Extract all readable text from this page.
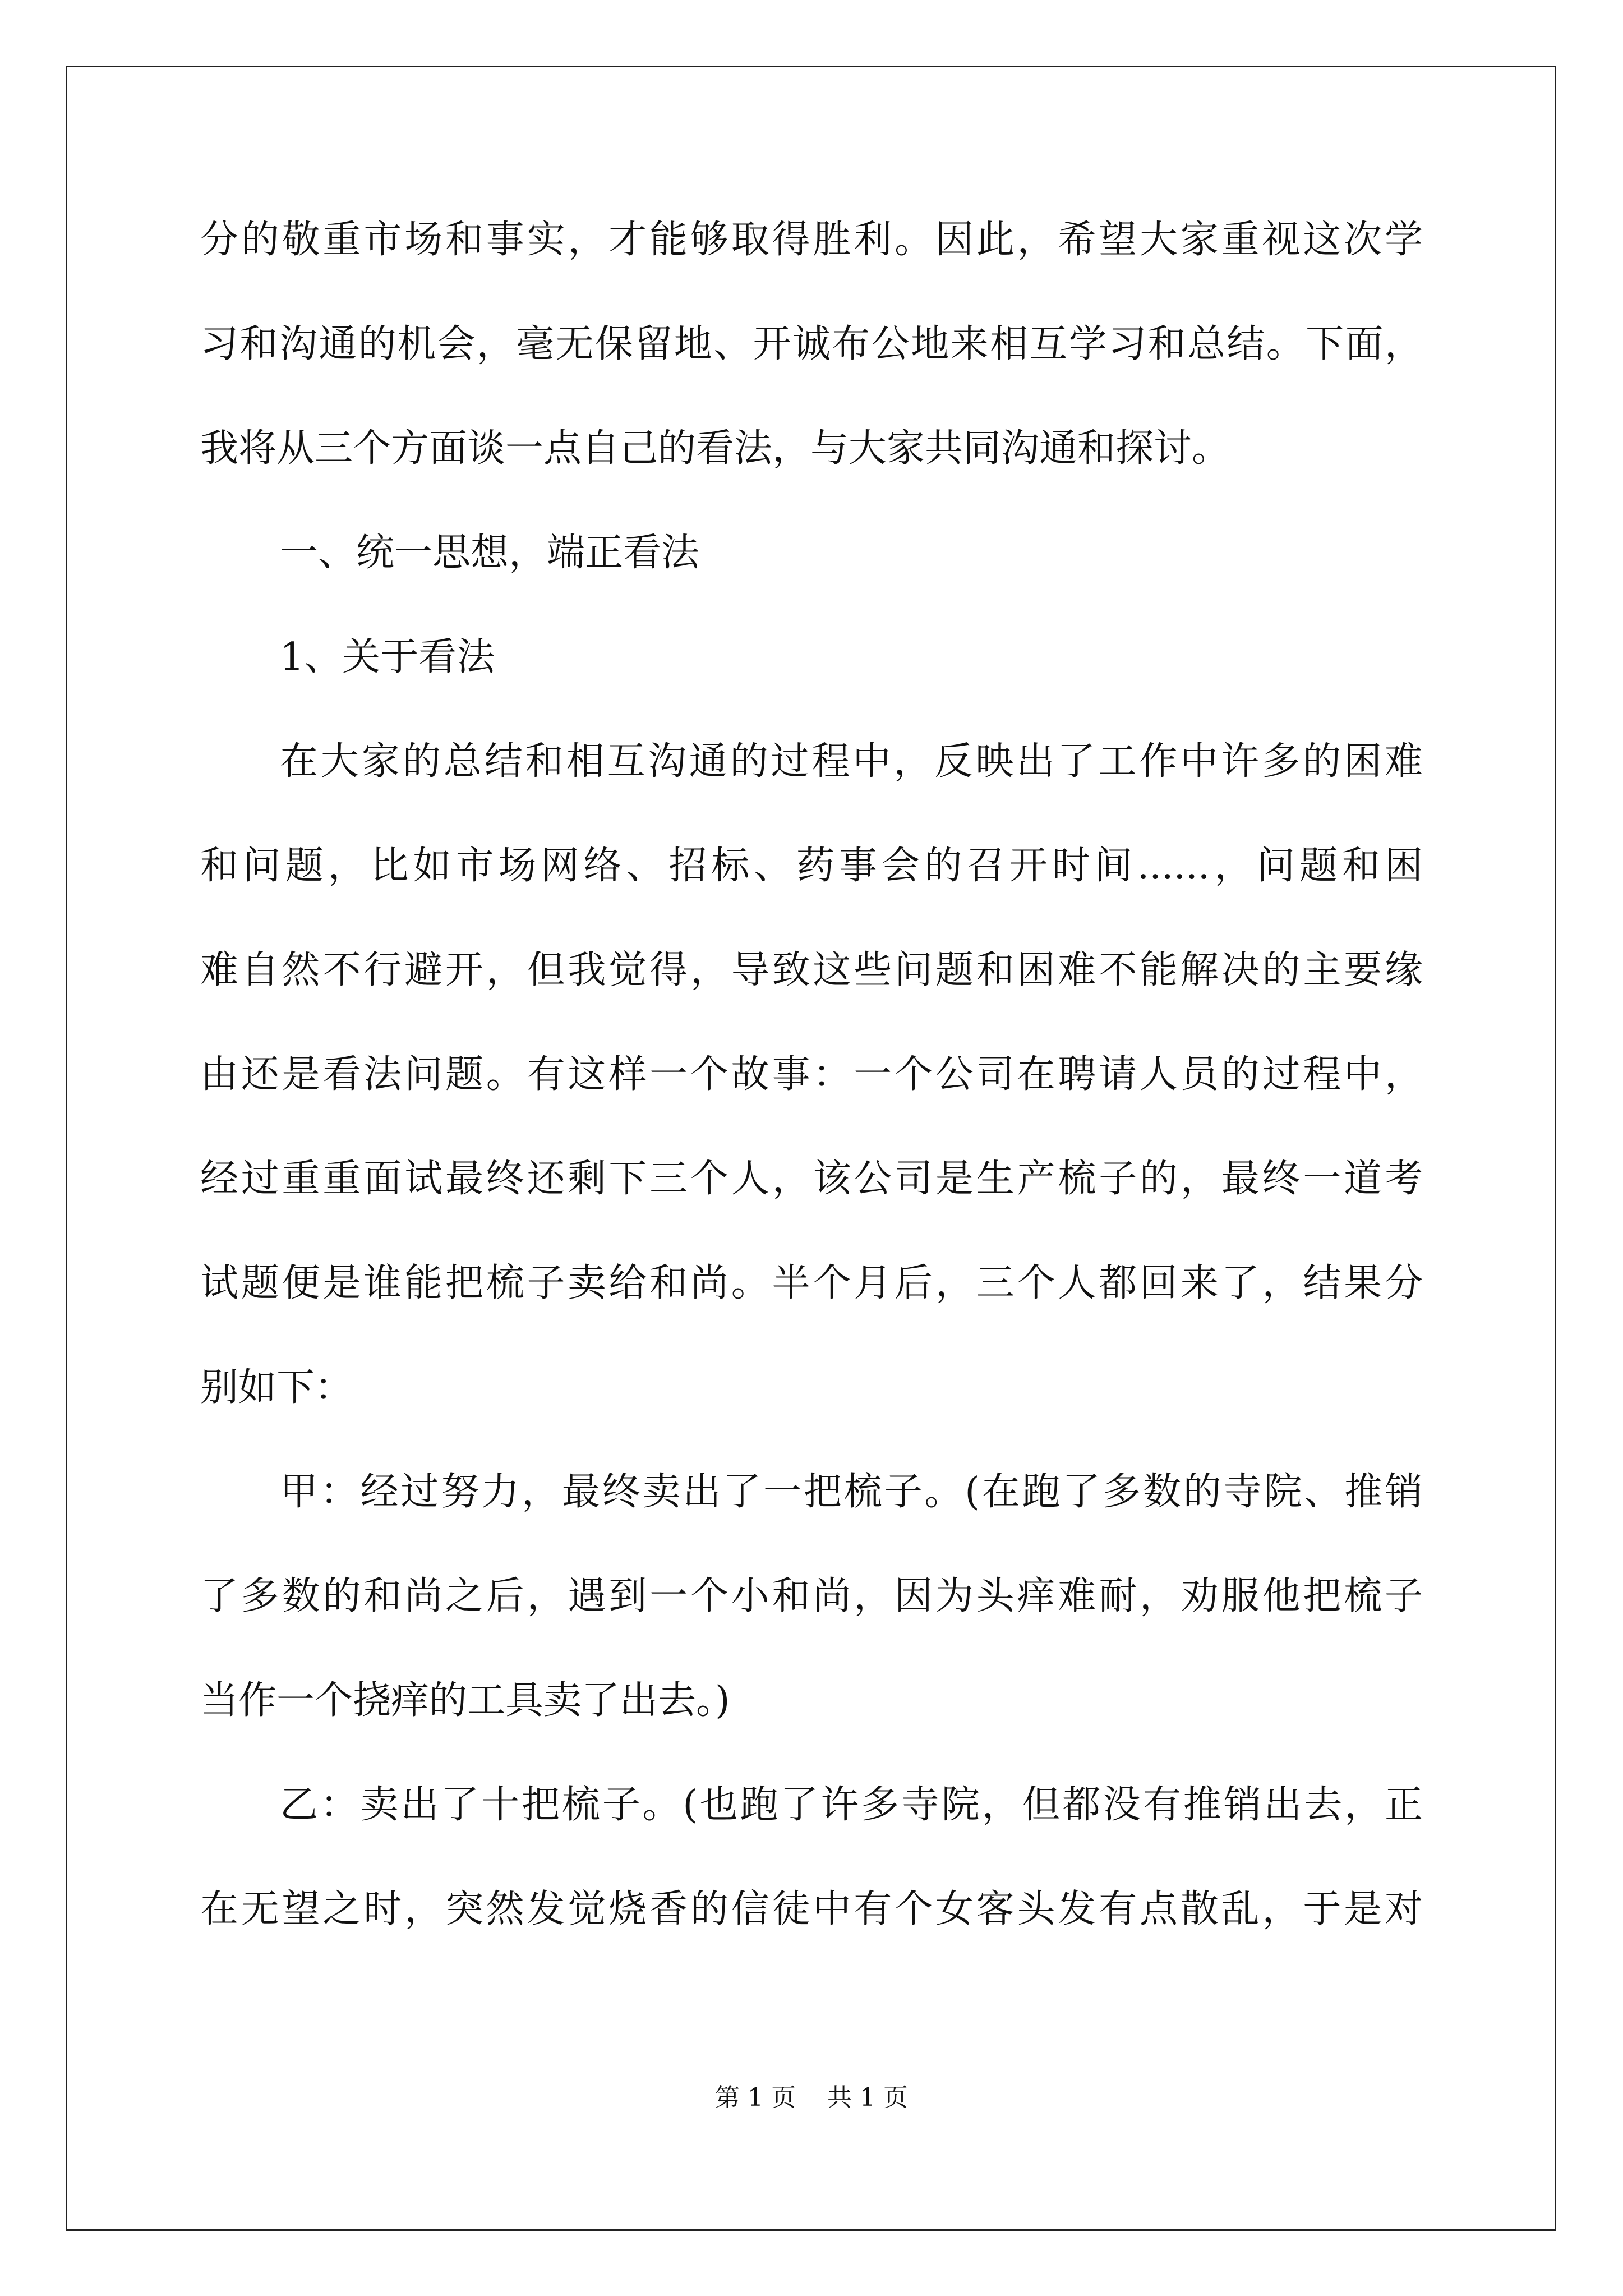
分的敬重市场和事实，才能够取得胜利。因此，希望大家重视这次学
习和沟通的机会，毫无保留地、开诚布公地来相互学习和总结。下面，
我将从三个方面谈一点自己的看法，与大家共同沟通和探讨。
一、统一思想，端正看法
1、关于看法
在大家的总结和相互沟通的过程中，反映出了工作中许多的困难
和问题，比如市场网络、招标、药事会的召开时间......，问题和困
难自然不行避开，但我觉得，导致这些问题和困难不能解决的主要缘
由还是看法问题。有这样一个故事：一个公司在聘请人员的过程中，
经过重重面试最终还剩下三个人，该公司是生产梳子的，最终一道考
试题便是谁能把梳子卖给和尚。半个月后，三个人都回来了，结果分
别如下：
甲：经过努力，最终卖出了一把梳子。(在跑了多数的寺院、推销
了多数的和尚之后，遇到一个小和尚，因为头痒难耐，劝服他把梳子
当作一个挠痒的工具卖了出去。)
乙：卖出了十把梳子。(也跑了许多寺院，但都没有推销出去，正
在无望之时，突然发觉烧香的信徒中有个女客头发有点散乱，于是对
第 1 页    共 1 页
